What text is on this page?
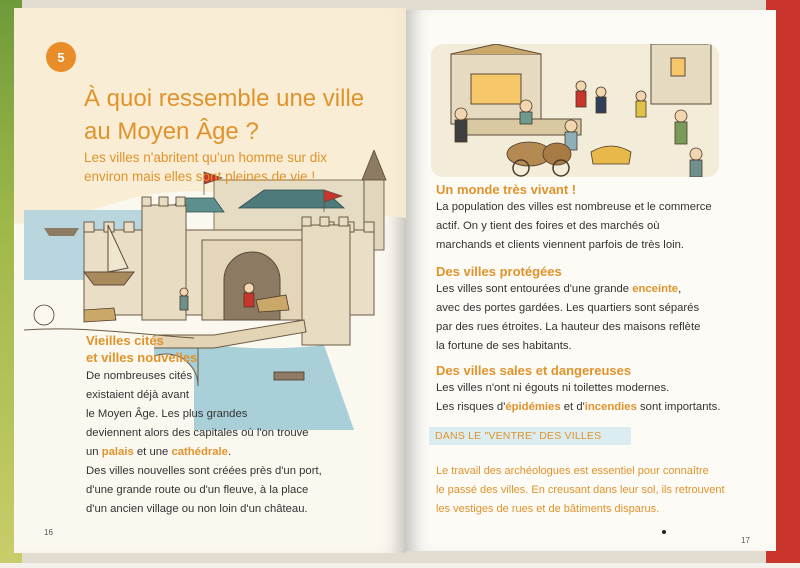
5
À quoi ressemble une ville
au Moyen Âge ?
Les villes n'abritent qu'un homme sur dix
environ mais elles sont pleines de vie !
Vieilles cités
et villes nouvelles
De nombreuses cités
existaient déjà avant
le Moyen Âge. Les plus grandes
deviennent alors des capitales où l'on trouve
un palais et une cathédrale.
Des villes nouvelles sont créées près d'un port,
d'une grande route ou d'un fleuve, à la place
d'un ancien village ou non loin d'un château.
16
Un monde très vivant !
La population des villes est nombreuse et le commerce
actif. On y tient des foires et des marchés où
marchands et clients viennent parfois de très loin.
Des villes protégées
Les villes sont entourées d'une grande enceinte,
avec des portes gardées. Les quartiers sont séparés
par des rues étroites. La hauteur des maisons reflète
la fortune de ses habitants.
Des villes sales et dangereuses
Les villes n'ont ni égouts ni toilettes modernes.
Les risques d'épidémies et d'incendies sont importants.
DANS LE "VENTRE" DES VILLES
Le travail des archéologues est essentiel pour connaître
le passé des villes. En creusant dans leur sol, ils retrouvent
les vestiges de rues et de bâtiments disparus.
17
